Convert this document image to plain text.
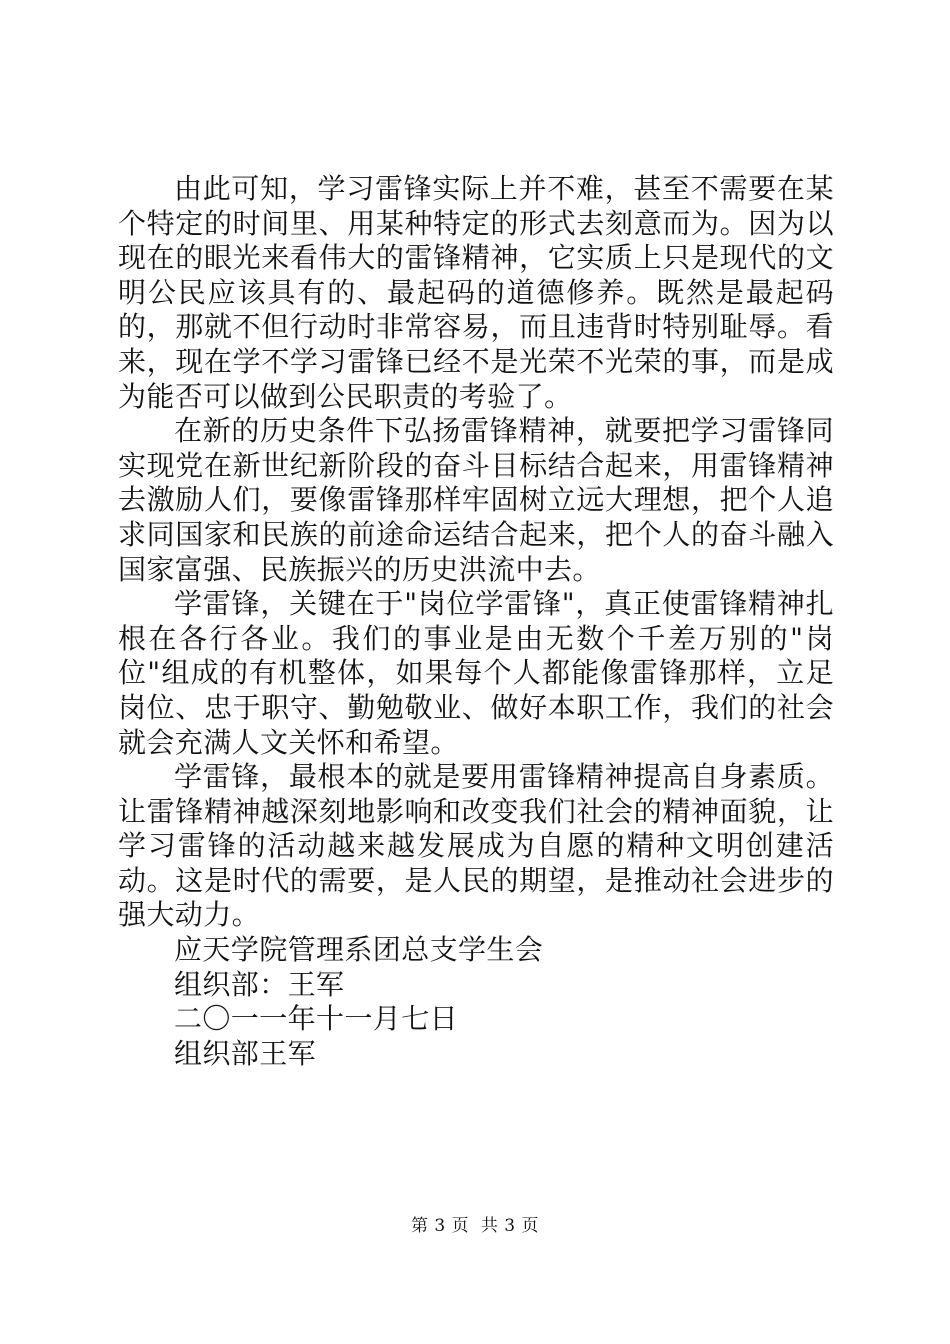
由此可知，学习雷锋实际上并不难，甚至不需要在某个特定的时间里、用某种特定的形式去刻意而为。因为以现在的眼光来看伟大的雷锋精神，它实质上只是现代的文明公民应该具有的、最起码的道德修养。既然是最起码的，那就不但行动时非常容易，而且违背时特别耻辱。看来，现在学不学习雷锋已经不是光荣不光荣的事，而是成为能否可以做到公民职责的考验了。

在新的历史条件下弘扬雷锋精神，就要把学习雷锋同实现党在新世纪新阶段的奋斗目标结合起来，用雷锋精神去激励人们，要像雷锋那样牢固树立远大理想，把个人追求同国家和民族的前途命运结合起来，把个人的奋斗融入国家富强、民族振兴的历史洪流中去。

学雷锋，关键在于"岗位学雷锋"，真正使雷锋精神扎根在各行各业。我们的事业是由无数个千差万别的"岗位"组成的有机整体，如果每个人都能像雷锋那样，立足岗位、忠于职守、勤勉敬业、做好本职工作，我们的社会就会充满人文关怀和希望。

学雷锋，最根本的就是要用雷锋精神提高自身素质。让雷锋精神越深刻地影响和改变我们社会的精神面貌，让学习雷锋的活动越来越发展成为自愿的精种文明创建活动。这是时代的需要，是人民的期望，是推动社会进步的强大动力。

应天学院管理系团总支学生会

组织部：王军

二〇一一年十一月七日

组织部王军

第 3 页  共 3 页
